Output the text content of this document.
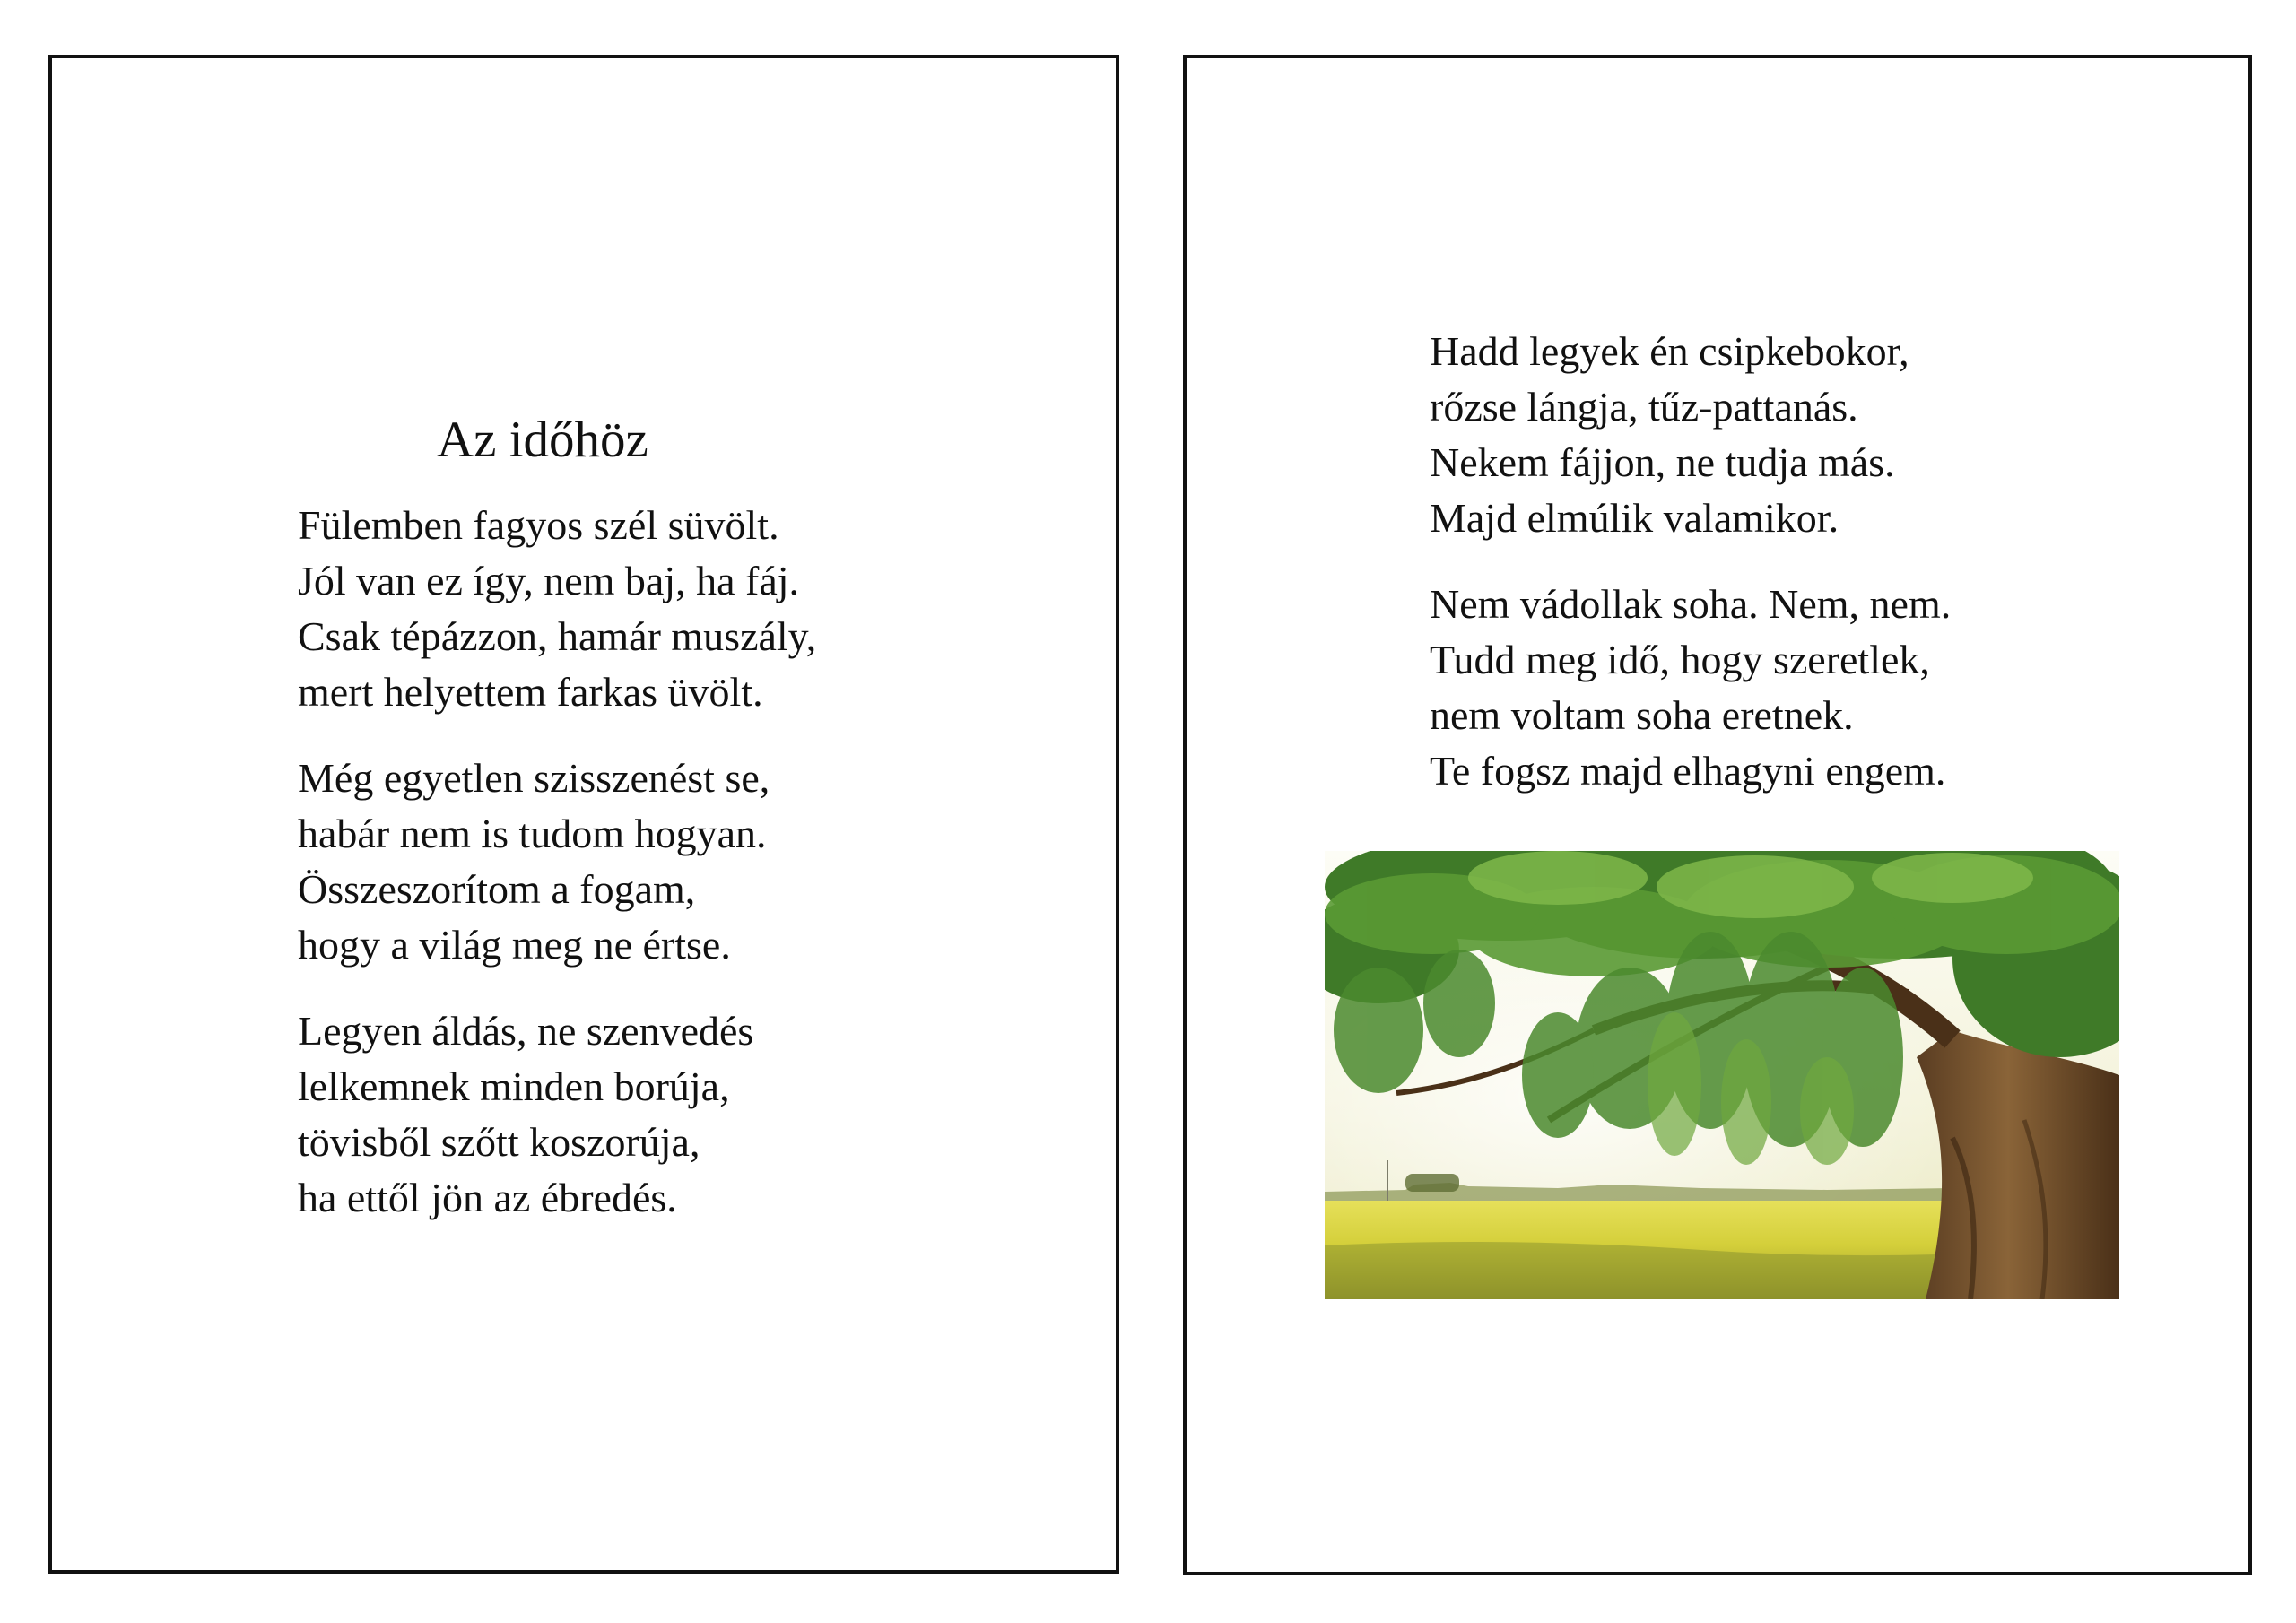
Az időhöz

Fülemben fagyos szél süvölt.
Jól van ez így, nem baj, ha fáj.
Csak tépázzon, hamár muszály,
mert helyettem farkas üvölt.

Még egyetlen szisszenést se,
habár nem is tudom hogyan.
Összeszorítom a fogam,
hogy a világ meg ne értse.

Legyen áldás, ne szenvedés
lelkemnek minden borúja,
tövisből szőtt koszorúja,
ha ettől jön az ébredés.

Hadd legyek én csipkebokor,
rőzse lángja, tűz-pattanás.
Nekem fájjon, ne tudja más.
Majd elmúlik valamikor.

Nem vádollak soha. Nem, nem.
Tudd meg idő, hogy szeretlek,
nem voltam soha eretnek.
Te fogsz majd elhagyni engem.
